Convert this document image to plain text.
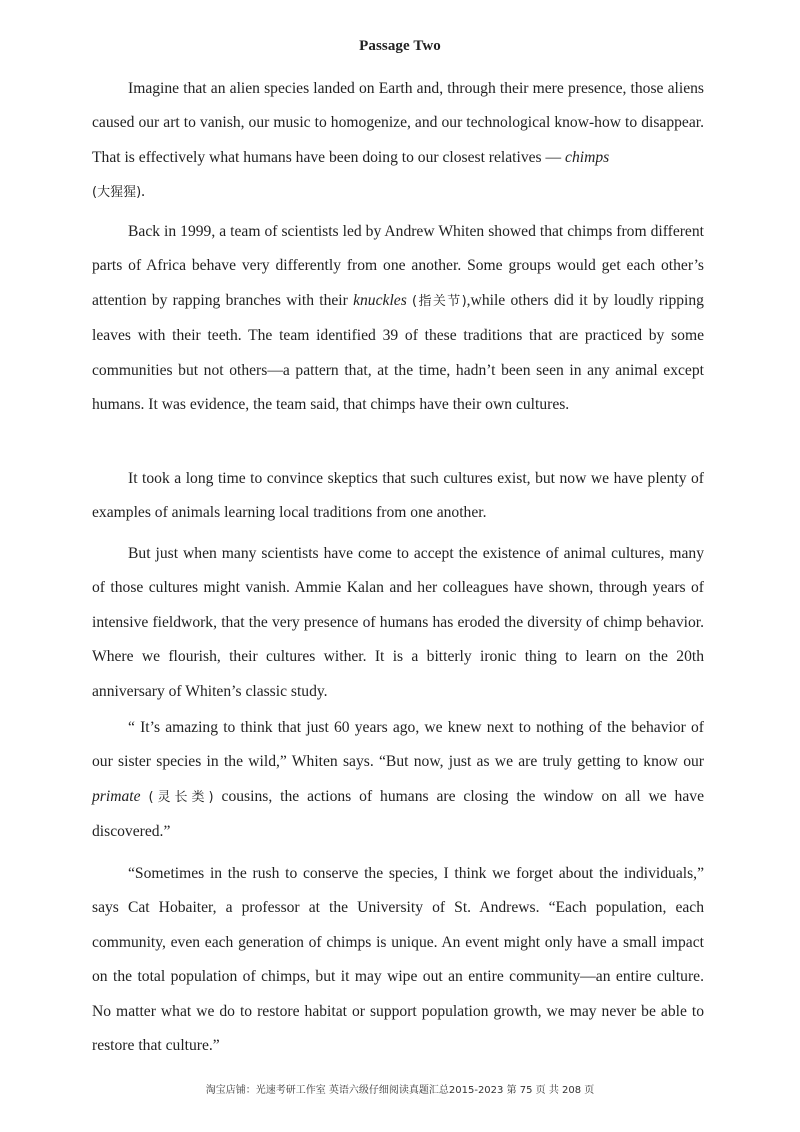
Passage Two

Imagine that an alien species landed on Earth and, through their mere presence, those aliens caused our art to vanish, our music to homogenize, and our technological know-how to disappear. That is effectively what humans have been doing to our closest relatives — chimps
(大猩猩).

Back in 1999, a team of scientists led by Andrew Whiten showed that chimps from different parts of Africa behave very differently from one another. Some groups would get each other’s attention by rapping branches with their knuckles (指关节),while others did it by loudly ripping leaves with their teeth. The team identified 39 of these traditions that are practiced by some communities but not others—a pattern that, at the time, hadn’t been seen in any animal except humans. It was evidence, the team said, that chimps have their own cultures.

It took a long time to convince skeptics that such cultures exist, but now we have plenty of examples of animals learning local traditions from one another.

But just when many scientists have come to accept the existence of animal cultures, many of those cultures might vanish. Ammie Kalan and her colleagues have shown, through years of intensive fieldwork, that the very presence of humans has eroded the diversity of chimp behavior. Where we flourish, their cultures wither. It is a bitterly ironic thing to learn on the 20th anniversary of Whiten’s classic study.

“ It’s amazing to think that just 60 years ago, we knew next to nothing of the behavior of our sister species in the wild,” Whiten says. “But now, just as we are truly getting to know our primate (灵长类) cousins, the actions of humans are closing the window on all we have discovered.”

“Sometimes in the rush to conserve the species, I think we forget about the individuals,” says Cat Hobaiter, a professor at the University of St. Andrews. “Each population, each community, even each generation of chimps is unique. An event might only have a small impact on the total population of chimps, but it may wipe out an entire community—an entire culture. No matter what we do to restore habitat or support population growth, we may never be able to restore that culture.”

淘宝店铺：光速考研工作室 英语六级仔细阅读真题汇总2015-2023 第 75 页 共 208 页
